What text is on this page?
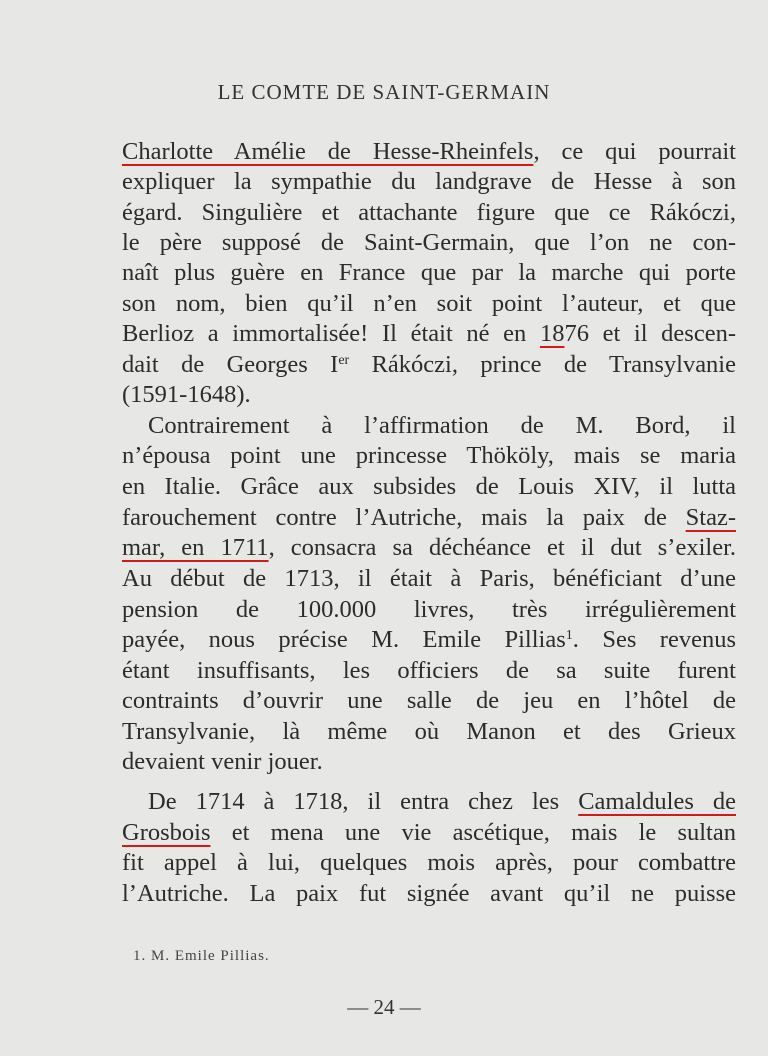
LE COMTE DE SAINT-GERMAIN
Charlotte Amélie de Hesse-Rheinfels, ce qui pourrait
expliquer la sympathie du landgrave de Hesse à son
égard. Singulière et attachante figure que ce Rákóczi,
le père supposé de Saint-Germain, que l’on ne con-
naît plus guère en France que par la marche qui porte
son nom, bien qu’il n’en soit point l’auteur, et que
Berlioz a immortalisée! Il était né en 1876 et il descen-
dait de Georges Ier Rákóczi, prince de Transylvanie
(1591-1648).
Contrairement à l’affirmation de M. Bord, il
n’épousa point une princesse Thököly, mais se maria
en Italie. Grâce aux subsides de Louis XIV, il lutta
farouchement contre l’Autriche, mais la paix de Staz-
mar, en 1711, consacra sa déchéance et il dut s’exiler.
Au début de 1713, il était à Paris, bénéficiant d’une
pension de 100.000 livres, très irrégulièrement
payée, nous précise M. Emile Pillias$^1$. Ses revenus
étant insuffisants, les officiers de sa suite furent
contraints d’ouvrir une salle de jeu en l’hôtel de
Transylvanie, là même où Manon et des Grieux
devaient venir jouer.
De 1714 à 1718, il entra chez les Camaldules de
Grosbois et mena une vie ascétique, mais le sultan
fit appel à lui, quelques mois après, pour combattre
l’Autriche. La paix fut signée avant qu’il ne puisse
1. M. Emile Pillias.
— 24 —
